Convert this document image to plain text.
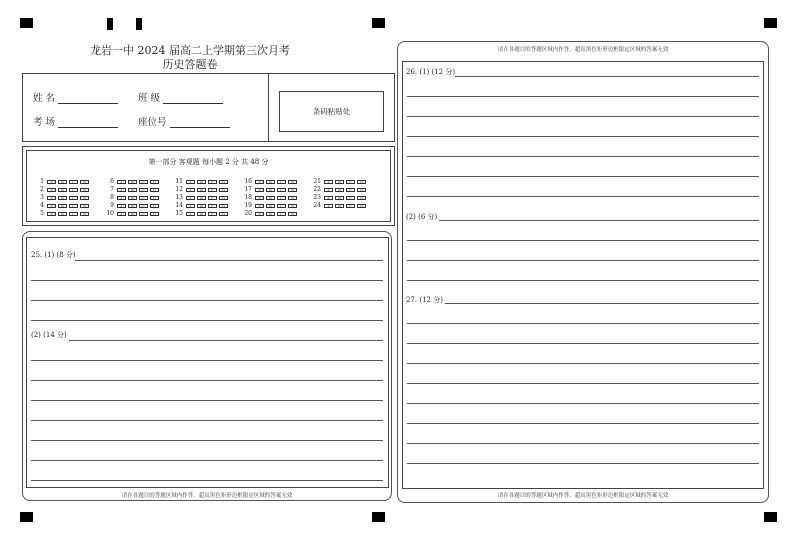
龙岩一中 2024 届高二上学期第三次月考
历史答题卷
姓 名	班 级
考 场	座位号
条码粘贴处
第一部分 客观题 每小题 2 分 共 48 分
1	A	B	C	D
2	A	B	C	D
3	A	B	C	D
4	A	B	C	D
5	A	B	C	D
6	A	B	C	D
7	A	B	C	D
8	A	B	C	D
9	A	B	C	D
10	A	B	C	D
11	A	B	C	D
12	A	B	C	D
13	A	B	C	D
14	A	B	C	D
15	A	B	C	D
16	A	B	C	D
17	A	B	C	D
18	A	B	C	D
19	A	B	C	D
20	A	B	C	D
21	A	B	C	D
22	A	B	C	D
23	A	B	C	D
24	A	B	C	D
25. (1) (8 分)
(2) (14 分)
请在各题目的答题区域内作答，超出黑色矩形边框限定区域的答案无效
请在各题目的答题区域内作答，超出黑色矩形边框限定区域的答案无效
26. (1) (12 分)
(2) (6 分)
27. (12 分)
请在各题目的答题区域内作答，超出黑色矩形边框限定区域的答案无效
